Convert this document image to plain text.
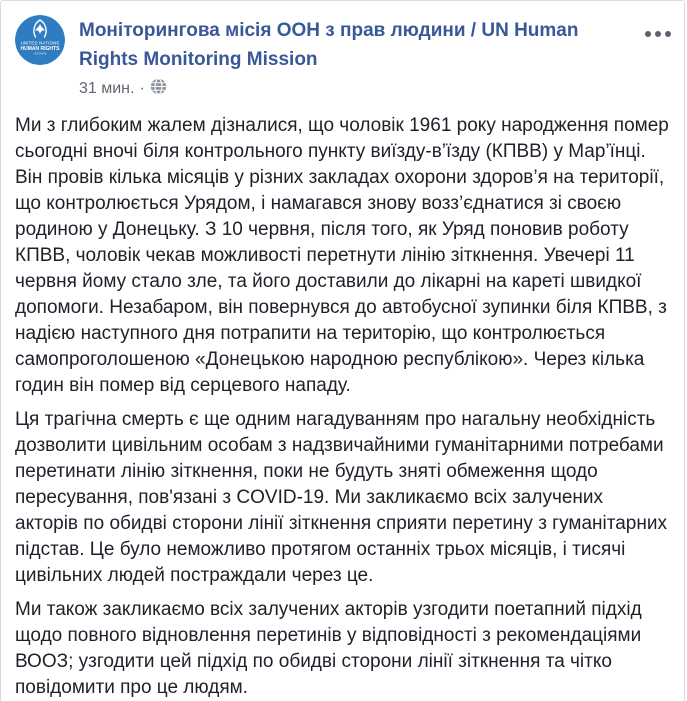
UNITED NATIONS
HUMAN RIGHTS
UKRAINE
Моніторингова місія ООН з прав людини / UN Human Rights Monitoring Mission
31 мин. ·

Ми з глибоким жалем дізналися, що чоловік 1961 року народження помер сьогодні вночі біля контрольного пункту виїзду-в’їзду (КПВВ) у Мар’їнці. Він провів кілька місяців у різних закладах охорони здоров’я на території, що контролюється Урядом, і намагався знову возз’єднатися зі своєю родиною у Донецьку. З 10 червня, після того, як Уряд поновив роботу КПВВ, чоловік чекав можливості перетнути лінію зіткнення. Увечері 11 червня йому стало зле, та його доставили до лікарні на кареті швидкої допомоги. Незабаром, він повернувся до автобусної зупинки біля КПВВ, з надією наступного дня потрапити на територію, що контролюється самопроголошеною «Донецькою народною республікою». Через кілька годин він помер від серцевого нападу.

Ця трагічна смерть є ще одним нагадуванням про нагальну необхідність дозволити цивільним особам з надзвичайними гуманітарними потребами перетинати лінію зіткнення, поки не будуть зняті обмеження щодо пересування, пов'язані з COVID-19. Ми закликаємо всіх залучених акторів по обидві сторони лінії зіткнення сприяти перетину з гуманітарних підстав. Це було неможливо протягом останніх трьох місяців, і тисячі цивільних людей постраждали через це.

Ми також закликаємо всіх залучених акторів узгодити поетапний підхід щодо повного відновлення перетинів у відповідності з рекомендаціями ВООЗ; узгодити цей підхід по обидві сторони лінії зіткнення та чітко повідомити про це людям.
